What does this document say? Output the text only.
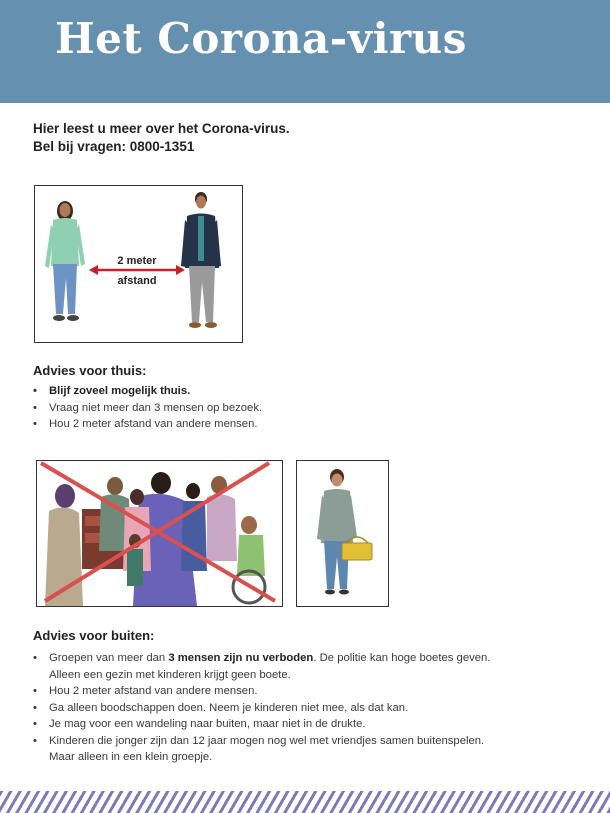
Het Corona-virus
Hier leest u meer over het Corona-virus.
Bel bij vragen: 0800-1351
2 meter
afstand
Advies voor thuis:
• Blijf zoveel mogelijk thuis.
• Vraag niet meer dan 3 mensen op bezoek.
• Hou 2 meter afstand van andere mensen.
Advies voor buiten:
• Groepen van meer dan 3 mensen zijn nu verboden. De politie kan hoge boetes geven.
Alleen een gezin met kinderen krijgt geen boete.
• Hou 2 meter afstand van andere mensen.
• Ga alleen boodschappen doen. Neem je kinderen niet mee, als dat kan.
• Je mag voor een wandeling naar buiten, maar niet in de drukte.
• Kinderen die jonger zijn dan 12 jaar mogen nog wel met vriendjes samen buitenspelen.
Maar alleen in een klein groepje.
